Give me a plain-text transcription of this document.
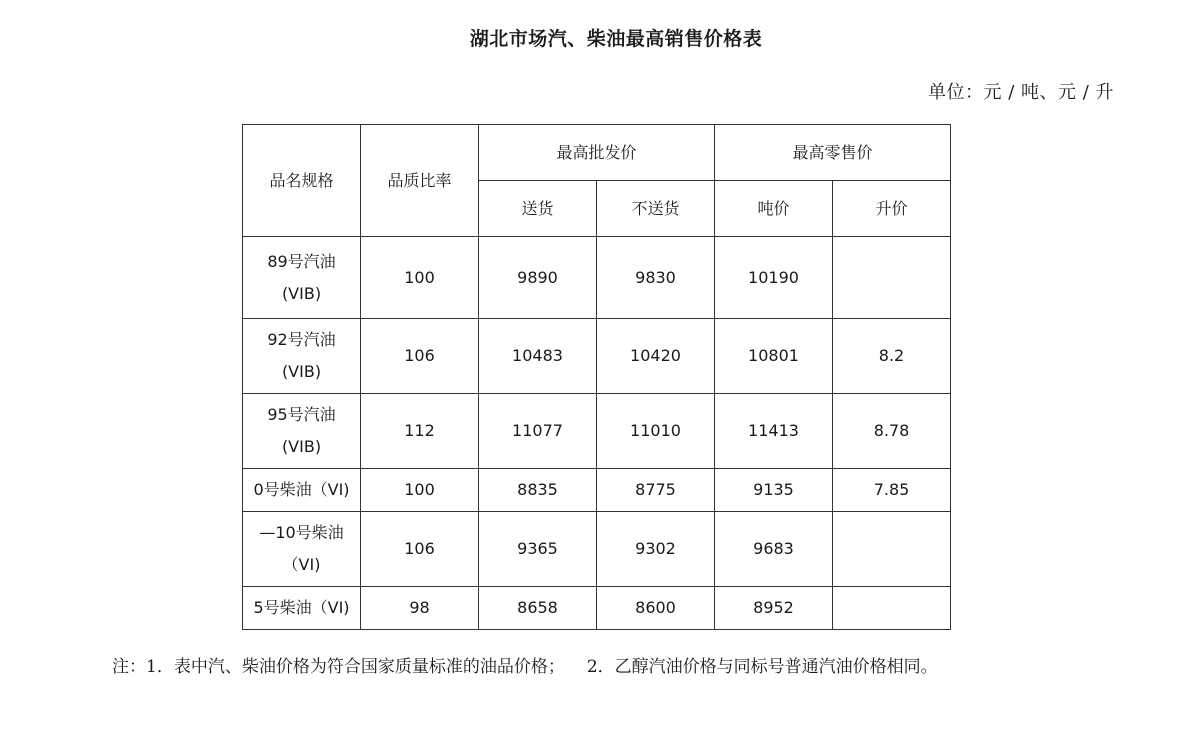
湖北市场汽、柴油最高销售价格表
单位：元 / 吨、元 / 升
品名规格	品质比率	最高批发价		最高零售价	
		送货	不送货	吨价	升价
89号汽油
(VIB)	100	9890	9830	10190	
92号汽油
(VIB)	106	10483	10420	10801	8.2
95号汽油
(VIB)	112	11077	11010	11413	8.78
0号柴油（VI)	100	8835	8775	9135	7.85
—10号柴油
（VI)	106	9365	9302	9683	
5号柴油（VI)	98	8658	8600	8952	
注：1．表中汽、柴油价格为符合国家质量标准的油品价格； 2．乙醇汽油价格与同标号普通汽油价格相同。
